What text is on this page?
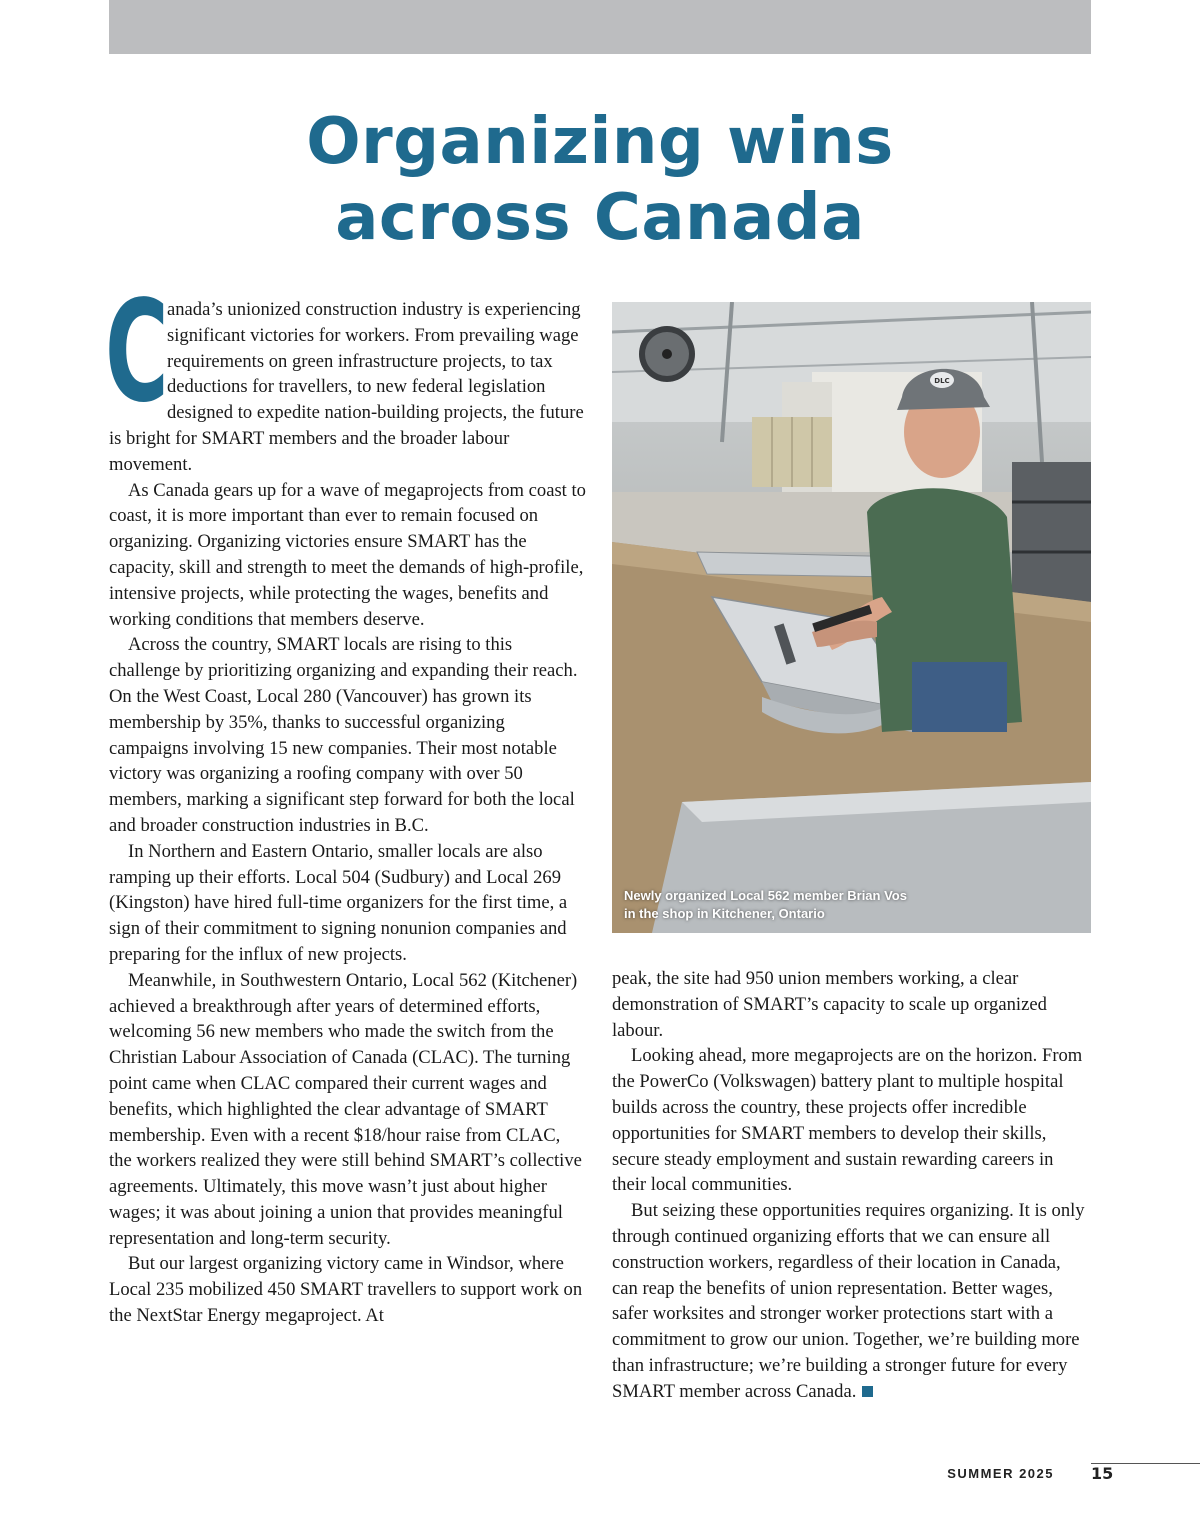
Organizing wins
across Canada

C
anada’s unionized construction industry is experiencing significant victories for workers. From prevailing wage requirements on green infrastructure projects, to tax deductions for travellers, to new federal legislation designed to expedite nation-building projects, the future is bright for SMART members and the broader labour movement.

As Canada gears up for a wave of megaprojects from coast to coast, it is more important than ever to remain focused on organizing. Organizing victories ensure SMART has the capacity, skill and strength to meet the demands of high-profile, intensive projects, while protecting the wages, benefits and working conditions that members deserve.

Across the country, SMART locals are rising to this challenge by prioritizing organizing and expanding their reach. On the West Coast, Local 280 (Vancouver) has grown its membership by 35%, thanks to successful organizing campaigns involving 15 new companies. Their most notable victory was organizing a roofing company with over 50 members, marking a significant step forward for both the local and broader construction industries in B.C.

In Northern and Eastern Ontario, smaller locals are also ramping up their efforts. Local 504 (Sudbury) and Local 269 (Kingston) have hired full-time organizers for the first time, a sign of their commitment to signing nonunion companies and preparing for the influx of new projects.

Meanwhile, in Southwestern Ontario, Local 562 (Kitchener) achieved a breakthrough after years of determined efforts, welcoming 56 new members who made the switch from the Christian Labour Association of Canada (CLAC). The turning point came when CLAC compared their current wages and benefits, which highlighted the clear advantage of SMART membership. Even with a recent $18/hour raise from CLAC, the workers realized they were still behind SMART’s collective agreements. Ultimately, this move wasn’t just about higher wages; it was about joining a union that provides meaningful representation and long-term security.

But our largest organizing victory came in Windsor, where Local 235 mobilized 450 SMART travellers to support work on the NextStar Energy megaproject. At

DLC

Newly organized Local 562 member Brian Vos
in the shop in Kitchener, Ontario

peak, the site had 950 union members working, a clear demonstration of SMART’s capacity to scale up organized labour.

Looking ahead, more megaprojects are on the horizon. From the PowerCo (Volkswagen) battery plant to multiple hospital builds across the country, these projects offer incredible opportunities for SMART members to develop their skills, secure steady employment and sustain rewarding careers in their local communities.

But seizing these opportunities requires organizing. It is only through continued organizing efforts that we can ensure all construction workers, regardless of their location in Canada, can reap the benefits of union representation. Better wages, safer worksites and stronger worker protections start with a commitment to grow our union. Together, we’re building more than infrastructure; we’re building a stronger future for every SMART member across Canada.

SUMMER 2025 15
